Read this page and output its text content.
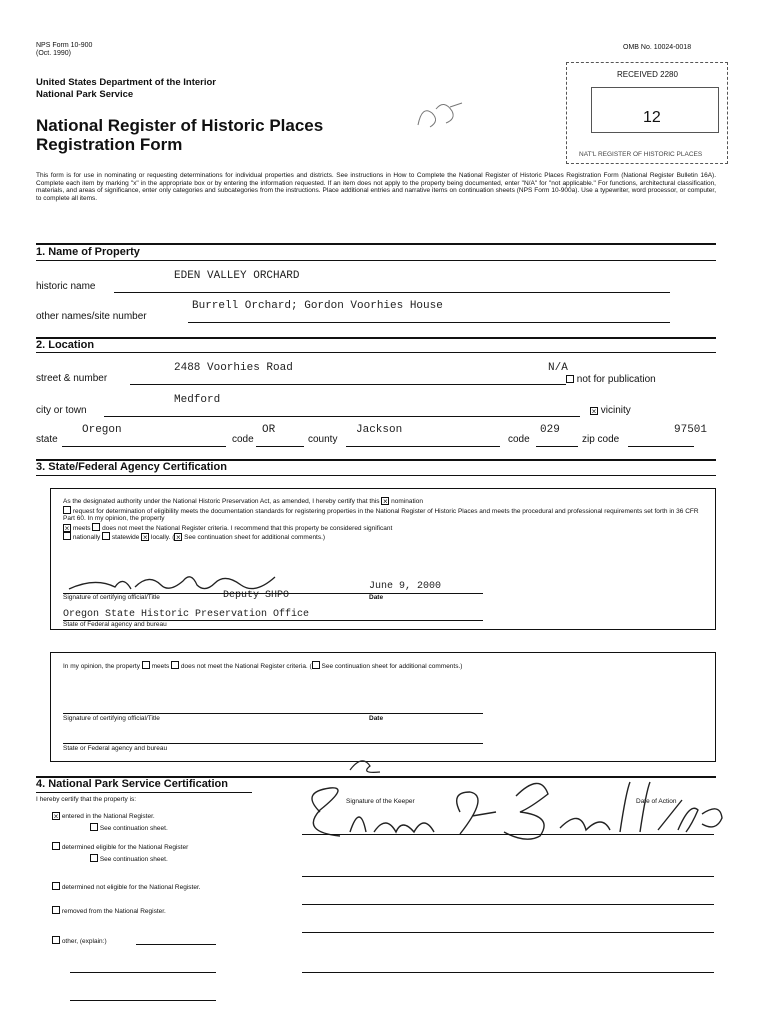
NPS Form 10-900
(Oct. 1990)
OMB No. 10024-0018
United States Department of the Interior
National Park Service
National Register of Historic Places
Registration Form
RECEIVED 2280
12
NAT'L REGISTER OF HISTORIC PLACES
This form is for use in nominating or requesting determinations for individual properties and districts. See instructions in How to Complete the National Register of Historic Places Registration Form (National Register Bulletin 16A). Complete each item by marking "x" in the appropriate box or by entering the information requested. If an item does not apply to the property being documented, enter "N/A" for "not applicable." For functions, architectural classification, materials, and areas of significance, enter only categories and subcategories from the instructions. Place additional entries and narrative items on continuation sheets (NPS Form 10-900a). Use a typewriter, word processor, or computer, to complete all items.
1. Name of Property
historic name
EDEN VALLEY ORCHARD
other names/site number
Burrell Orchard; Gordon Voorhies House
2. Location
street & number
2488 Voorhies Road	N/A
not for publication
city or town
Medford
× vicinity
state
Oregon
code
OR
county
Jackson
code
029
zip code
97501
3. State/Federal Agency Certification
As the designated authority under the National Historic Preservation Act, as amended, I hereby certify that this × nomination
request for determination of eligibility meets the documentation standards for registering properties in the National Register of Historic Places and meets the procedural and professional requirements set forth in 36 CFR Part 60. In my opinion, the property
× meets does not meet the National Register criteria. I recommend that this property be considered significant
nationally statewide × locally. ( × See continuation sheet for additional comments.)
Signature of certifying official/Title	Deputy SHPO
June 9, 2000
Date
Oregon State Historic Preservation Office
State of Federal agency and bureau
In my opinion, the property meets does not meet the National Register criteria. ( See continuation sheet for additional comments.)
Signature of certifying official/Title	Date
State or Federal agency and bureau
4. National Park Service Certification
I hereby certify that the property is:	Signature of the Keeper	Date of Action
× entered in the National Register.
See continuation sheet.
determined eligible for the National Register
See continuation sheet.
determined not eligible for the National Register.
removed from the National Register.
other, (explain:)
